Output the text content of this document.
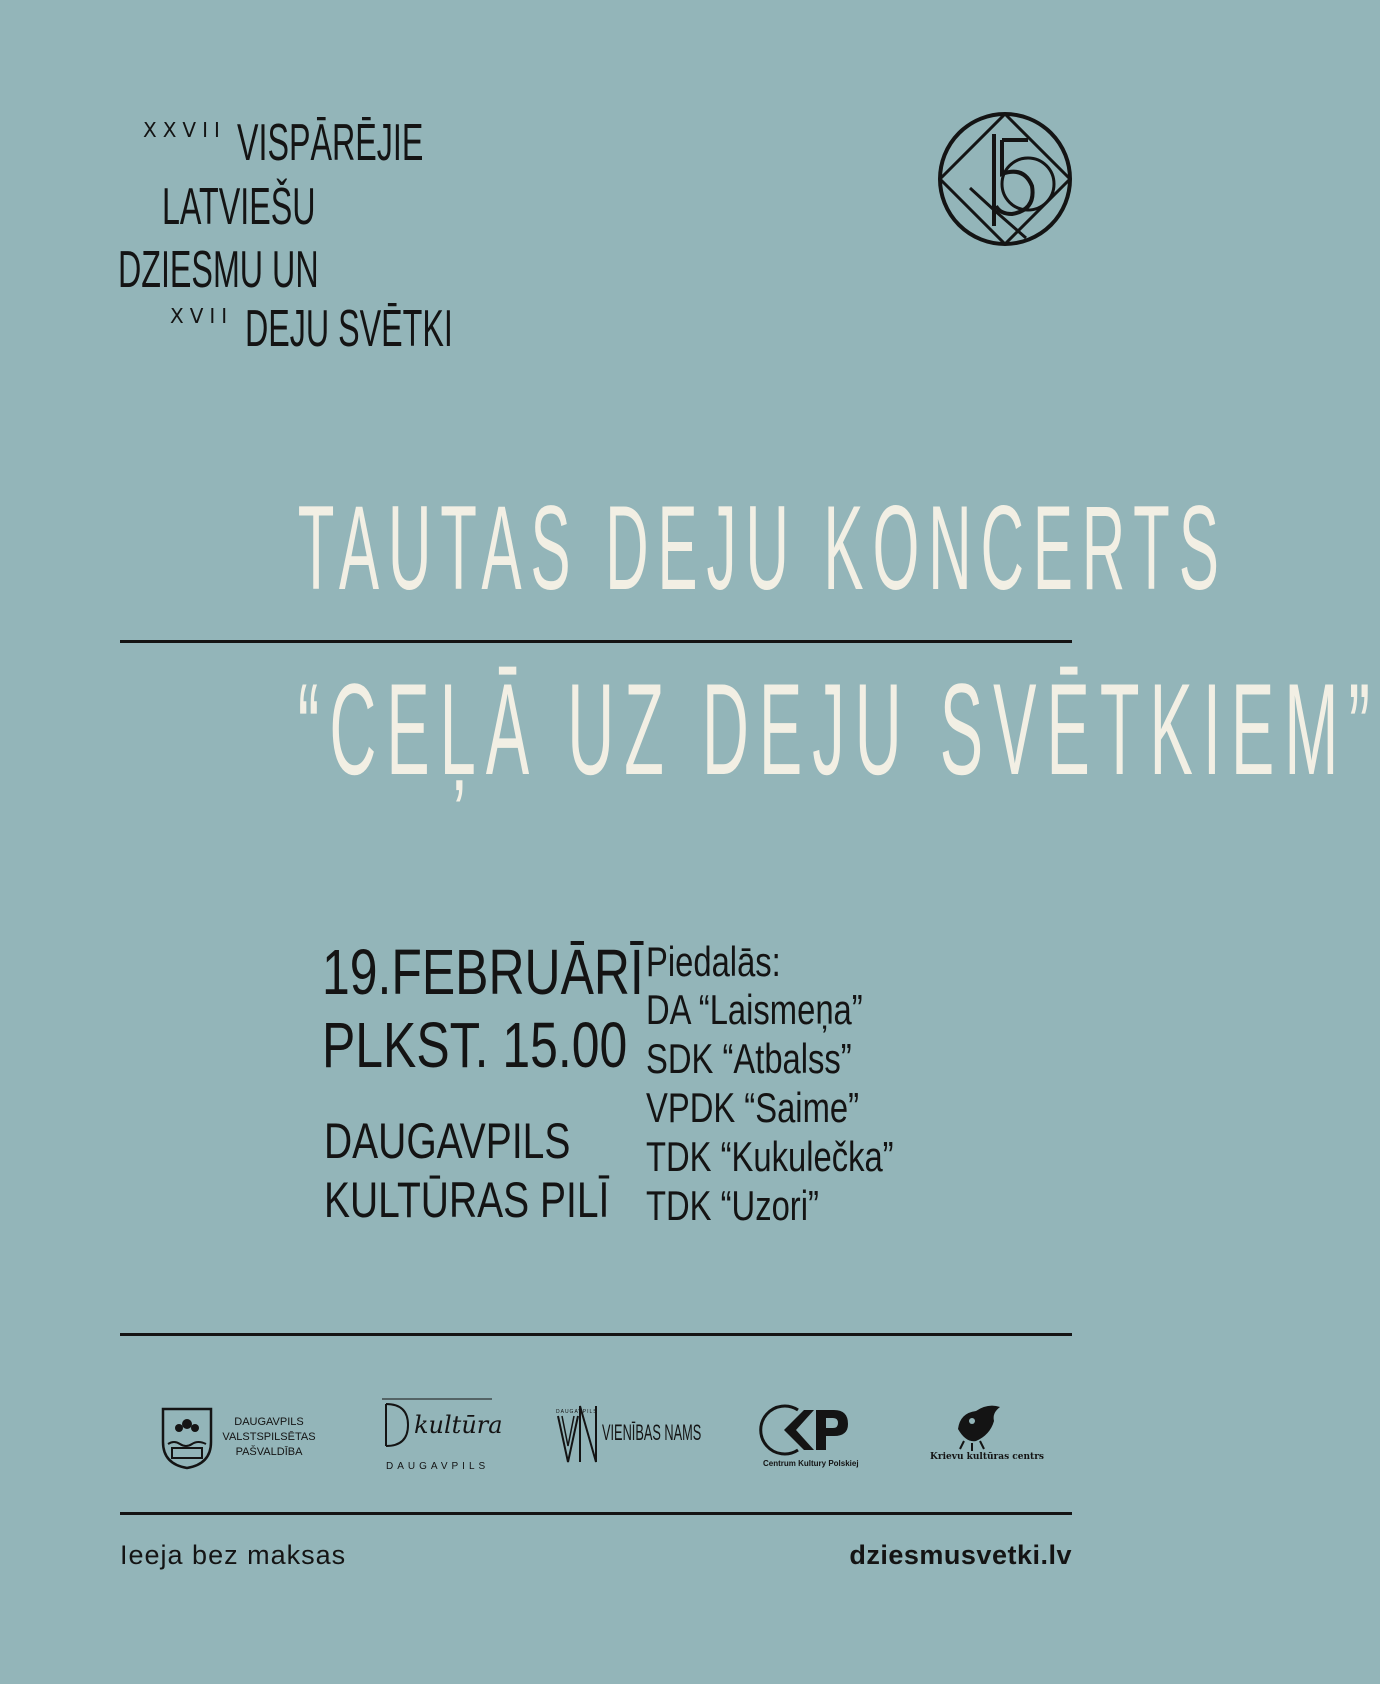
XXVII VISPĀRĒJIE
LATVIEŠU
DZIESMU UN
XVII DEJU SVĒTKI
TAUTAS DEJU KONCERTS
“CEĻĀ UZ DEJU SVĒTKIEM”
19.FEBRUĀRĪ
PLKST. 15.00
DAUGAVPILS
KULTŪRAS PILĪ
Piedalās:
DA “Laismeņa”
SDK “Atbalss”
VPDK “Saime”
TDK “Kukulečka”
TDK “Uzori”
DAUGAVPILS
VALSTSPILSĒTAS
PAŠVALDĪBA
kultūra
DAUGAVPILS
DAUGAVPILS
VIENĪBAS NAMS
Centrum Kultury Polskiej
Krievu kultūras centrs
Ieeja bez maksas	dziesmusvetki.lv
